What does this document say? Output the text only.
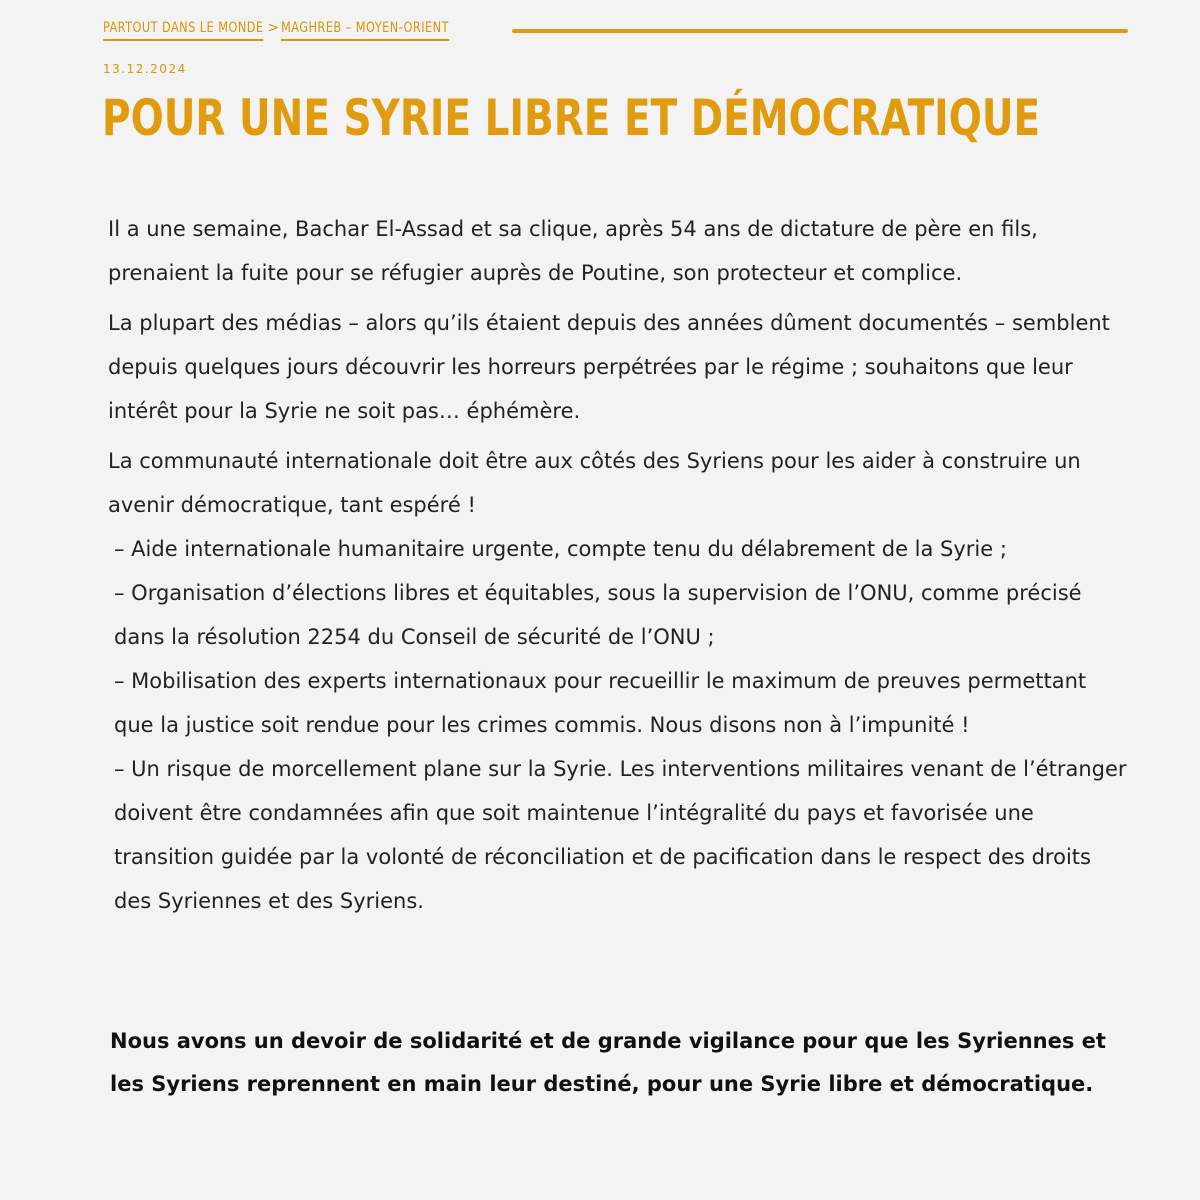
PARTOUT DANS LE MONDE > MAGHREB – MOYEN-ORIENT
13.12.2024
POUR UNE SYRIE LIBRE ET DÉMOCRATIQUE

Il a une semaine, Bachar El-Assad et sa clique, après 54 ans de dictature de père en fils, prenaient la fuite pour se réfugier auprès de Poutine, son protecteur et complice.

La plupart des médias – alors qu’ils étaient depuis des années dûment documentés – semblent depuis quelques jours découvrir les horreurs perpétrées par le régime ; souhaitons que leur intérêt pour la Syrie ne soit pas… éphémère.

La communauté internationale doit être aux côtés des Syriens pour les aider à construire un avenir démocratique, tant espéré !

– Aide internationale humanitaire urgente, compte tenu du délabrement de la Syrie ;

– Organisation d’élections libres et équitables, sous la supervision de l’ONU, comme précisé dans la résolution 2254 du Conseil de sécurité de l’ONU ;

– Mobilisation des experts internationaux pour recueillir le maximum de preuves permettant que la justice soit rendue pour les crimes commis. Nous disons non à l’impunité !

– Un risque de morcellement plane sur la Syrie. Les interventions militaires venant de l’étranger doivent être condamnées afin que soit maintenue l’intégralité du pays et favorisée une transition guidée par la volonté de réconciliation et de pacification dans le respect des droits des Syriennes et des Syriens.

Nous avons un devoir de solidarité et de grande vigilance pour que les Syriennes et les Syriens reprennent en main leur destiné, pour une Syrie libre et démocratique.
